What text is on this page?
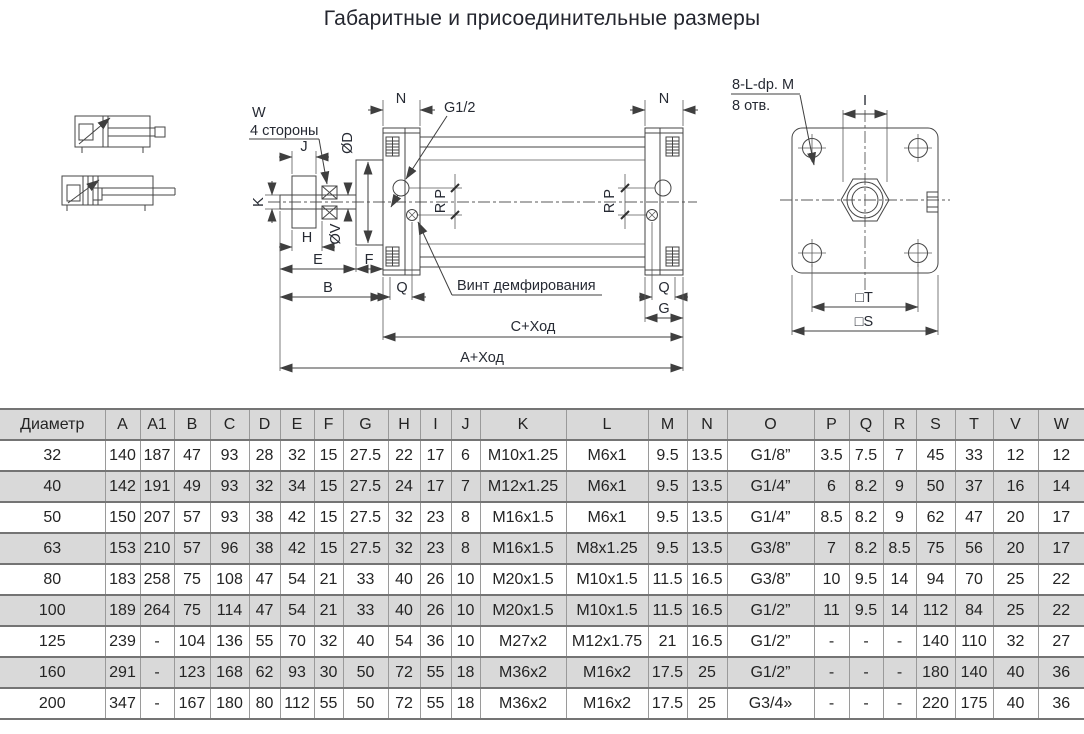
Габаритные и присоединительные размеры
W
4 стороны
J
K
H ØV
ØD
E	F
B	Q	Q
N	N
G1/2
R P	R P
Винт демфирования
G
C+Ход
A+Ход
8-L-dp. M
8 отв.	I
□T
□S
Диаметр	A	A1	B	C	D	E	F	G	H	I	J	K	L	M	N	O	P	Q	R	S	T	V	W
32	140	187	47	93	28	32	15	27.5	22	17	6	M10x1.25	M6x1	9.5	13.5	G1/8”	3.5	7.5	7	45	33	12	12
40	142	191	49	93	32	34	15	27.5	24	17	7	M12x1.25	M6x1	9.5	13.5	G1/4”	6	8.2	9	50	37	16	14
50	150	207	57	93	38	42	15	27.5	32	23	8	M16x1.5	M6x1	9.5	13.5	G1/4”	8.5	8.2	9	62	47	20	17
63	153	210	57	96	38	42	15	27.5	32	23	8	M16x1.5	M8x1.25	9.5	13.5	G3/8”	7	8.2	8.5	75	56	20	17
80	183	258	75	108	47	54	21	33	40	26	10	M20x1.5	M10x1.5	11.5	16.5	G3/8”	10	9.5	14	94	70	25	22
100	189	264	75	114	47	54	21	33	40	26	10	M20x1.5	M10x1.5	11.5	16.5	G1/2”	11	9.5	14	112	84	25	22
125	239	-	104	136	55	70	32	40	54	36	10	M27x2	M12x1.75	21	16.5	G1/2”	-	-	-	140	110	32	27
160	291	-	123	168	62	93	30	50	72	55	18	M36x2	M16x2	17.5	25	G1/2”	-	-	-	180	140	40	36
200	347	-	167	180	80	112	55	50	72	55	18	M36x2	M16x2	17.5	25	G3/4»	-	-	-	220	175	40	36
